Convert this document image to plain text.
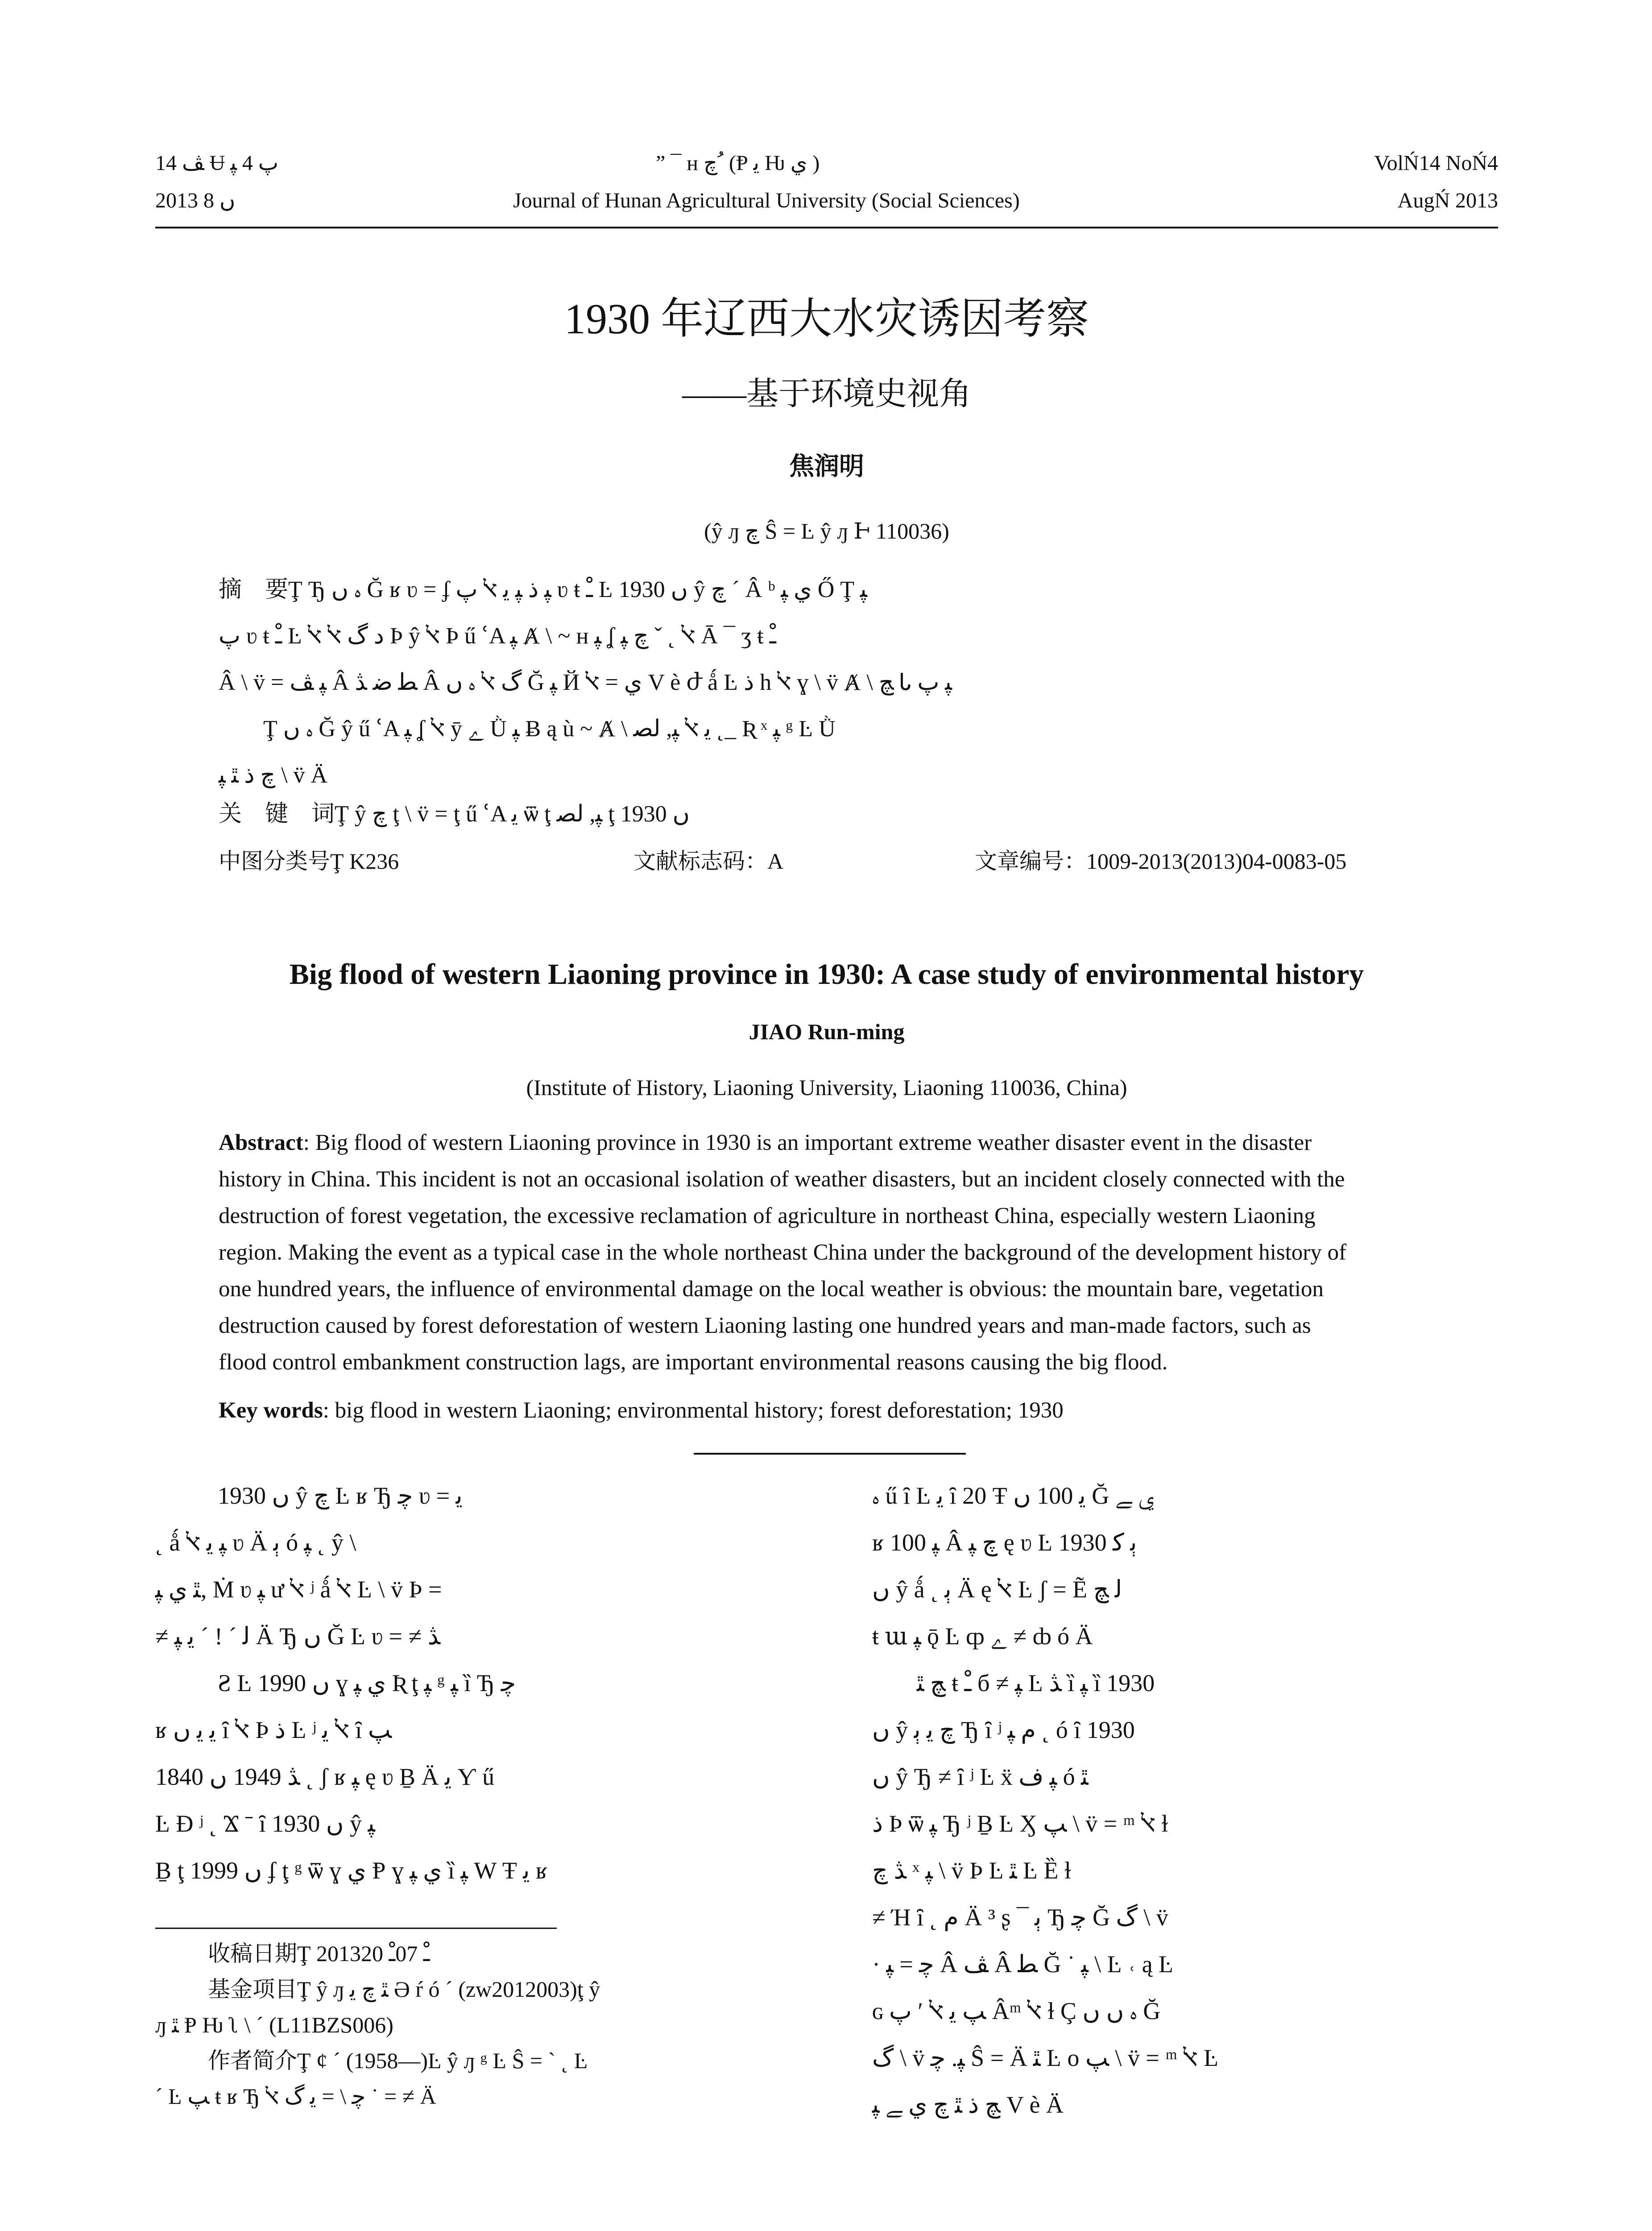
ﭫ 14 Ʉ ﭖ 4 ﭙ
2013 ﮞ 8
” ¯ ʜ ﭺ ُ (Ᵽ ﻳ Ƕ ﻱ )
Journal of Hunan Agricultural University (Social Sciences)
VolŃ14 NoŃ4
AugŃ 2013
1930 年辽西大水灾诱因考察
——基于环境史视角
焦润明
(ŷ ԓ ﭺ Ŝ = Ŀ ŷ ԓ Ͱ 110036)
摘　要Ţ Ђ ﮦ ﮞ Ğ ʁ ʋ = ʄ ﭙ ﺫ ﭙ ﻳ ﭏ ﭖ ʋ ŧ ﹿ Ŀ 1930 ﮞ ŷ ﭺ ˊ Â ᵇ ﻱ ﭙ Ő Ţ ﭙ
ﭖ ʋ ŧ ﹿ Ŀ ﺩ ﮒ ﭏ ﭏ Ϸ ŷ ﭏ Ϸ ű ՙA ﭙ Ⱥ \ ~ ʜ ﭙ ʆ ﭏ ˛ ˇ ﭺ ﭙ Ā ¯ ʒ ŧ ﹿ
Â \ v̈ = ﭙ ﭫ Â ﻄ ﺿ ﮇ Â ﮒ ﭏ ﮦ ﮞ Ğ ﭙ Й ﻱ = ﭏ V è ժ ǻ Ŀ ﺫ h ﭏ ɣ \ v̈ Ⱥ \ ﭻ Ꮣ ﭙ ﭖ
Ţ ﮦ ﮞ Ğ ŷ ű ՙA ﭙ ʆ ﭏ ȳ ﮮ Ǜ ﭙ Ƀ ą ù ~ Ⱥ \ ﻳ ﭏ ﭙ, ﻟﺼ ˛_ Ʀ ˣ ﭙ ᵍ Ŀ Ǜ
ﭺ ﺫ ﭥ ﭙ \ v̈ Ä
关　键　词Ţ ŷ ﭺ ţ \ v̈ = ţ ű ՙA ﻳ ѿ ţ ﭙ, ﻟﺼ ţ 1930 ﮞ
中图分类号Ţ K236	文献标志码：A	文章编号：1009-2013(2013)04-0083-05
Big flood of western Liaoning province in 1930: A case study of environmental history
JIAO Run-ming
(Institute of History, Liaoning University, Liaoning 110036, China)
Abstract: Big flood of western Liaoning province in 1930 is an important extreme weather disaster event in the disaster
history in China. This incident is not an occasional isolation of weather disasters, but an incident closely connected with the
destruction of forest vegetation, the excessive reclamation of agriculture in northeast China, especially western Liaoning
region. Making the event as a typical case in the whole northeast China under the background of the development history of
one hundred years, the influence of environmental damage on the local weather is obvious: the mountain bare, vegetation
destruction caused by forest deforestation of western Liaoning lasting one hundred years and man-made factors, such as
flood control embankment construction lags, are important environmental reasons causing the big flood.
Key words: big flood in western Liaoning; environmental history; forest deforestation; 1930
1930 ﮞ ŷ ﭺ Ŀ ʁ Ђ ﭼ ʋ = ﻳ
˛ ǻ ﭙ ﻳ ﭏ ʋ Ä ﭔ ó ﭙ ˛ ŷ \
ﭥ ﻱ ﭙ, Ṁ ʋ ﭙ ư ﭏ ʲ ǻ ﭏ Ŀ \ v̈ Þ =
≠ ﻟ ˊ ! ˊ ﻳ ﭙ Ä Ђ ﮞ Ğ Ŀ ʋ = ≠ ﮇ
Ƨ Ŀ 1990 ﮞ ɣ ﻱ ﭙ Ʀ ţ ﭙ ᵍ ﭙ ȉ Ђ ﭼ
ʁ ﻳ ﻳ ﮞ ȋ ﭏ Ϸ ﺫ Ŀ ʲ ﭏ ﻳ ȋ ﭗ
1840 ﮇ 1949 ﮞ ˛ ʃ ʁ ﭙ ę ʋ Ḇ Ä ﻳ Ƴ ű
Ŀ Ɖ ʲ ˛ Ϫ ˉ ȋ 1930 ﮞ ŷ ﭙ
Ḇ ţ 1999 ﮞ ʄ ţ ᵍ ѿ ɣ ﻱ Ᵽ ɣ ﻱ ﭙ ȉ ﭙ W Ŧ ﻳ ʁ
收稿日期Ţ 2013ﹿ 07ﹿ 20
基金项目Ţ ŷ ԓ ﭥ ﭺ ﻳ Ə ŕ ó ˊ (zw2012003)ţ ŷ
ԓ ﭥ Ᵽ Ƕ ʅ \ ˊ (L11BZS006)
作者简介Ţ ȼ ˊ (1958—)Ŀ ŷ ԓ ᵍ Ŀ Ŝ = ˋ ˛ Ŀ
ˊ Ŀ ﭗ ŧ ʁ Ђ ﭼ \ = ﻳ ﮒ ﭏ ˙ = ≠ Ä
ﮦ ű ȋ Ŀ ﻳ ȋ 20 Ŧ ﻳ 100 ﮞ Ğ ﻱ ﮯ
ʁ ﭙ 100 Â ﭺ ﭙ ę ʋ Ŀ ﭔ ﮐ 1930
ﮞ ŷ ǻ ˛ ﭔ Ä ę ﭏ Ŀ ʃ = Ẽ ﻟ ﭻ
ŧ ա ﭙ ǭ Ŀ ȹ ﮮ ≠ ȸ ó Ä
ﭻ ﭥ ŧ ﹿ б ≠ ﭙ Ŀ ﮇ ȉ ﭙ ȉ 1930
ﮞ ŷ ﭺ ﻳ ﭔ Ђ ȋ ʲ ﻡ ﭙ ˛ ó ȋ 1930
ﮞ ŷ Ђ ≠ ȋ ʲ Ŀ ẍ ﭙ ﻑ ó ﭥ
ﺫ Þ ѿ ﭙ Ђ ʲ Ḇ Ŀ Ӽ ﭗ \ v̈ = ᵐ ﭏ ɫ
ﮇ ﭺ ˣ ﭙ \ v̈ Þ Ŀ ﭥ Ŀ Ȅ ɫ
≠ Ή ȋ ˛ ﻡ Ä ³ ʂ ¯ ﭔ Ђ ﭼ Ğ ﮒ \ v̈
· ﭼ = ﭙ Â ﭫ Â ﻄ Ğ ˙ ﭙ \ Ŀ ˓ ą Ŀ
ɢ ﭗ ﻳ ﭏ ʹ ﭖ Âᵐ ﭏ ɫ Ç ﮦ ﮞ ﮞ Ğ
ﮒ \ v̈ ﭙ. ﭼ Ŝ = Ä ﭥ Ŀ o ﭗ \ v̈ = ᵐ ﭏ Ŀ
ﭻ ﺫ ﭥ ﭺ ﻱ ﮯ ﭙ V è Ä
